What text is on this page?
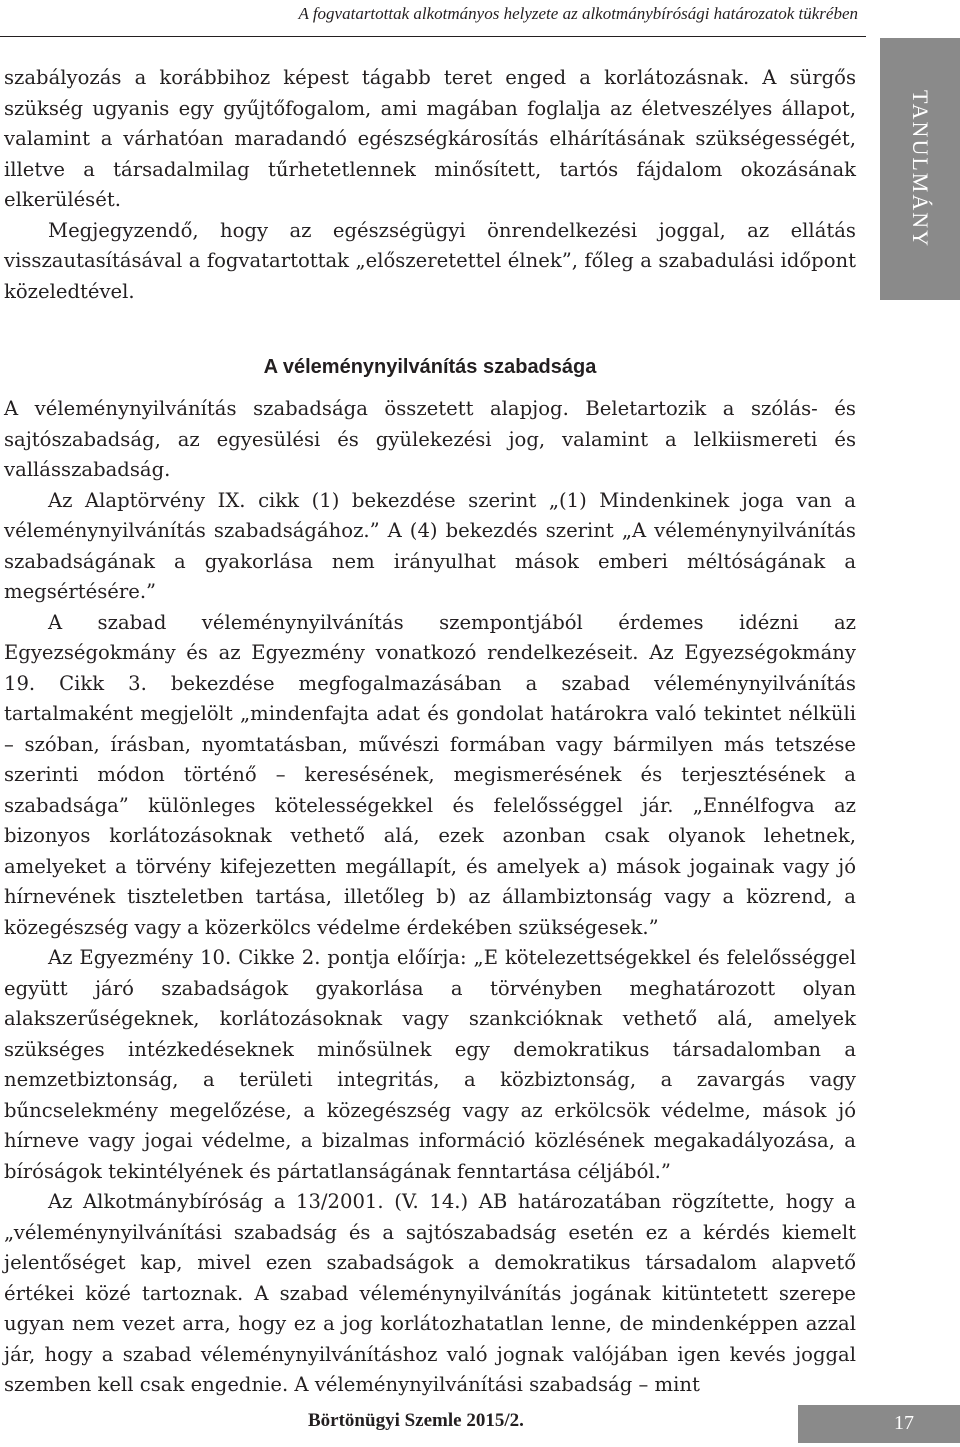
A fogvatartottak alkotmányos helyzete az alkotmánybírósági határozatok tükrében
TANULMÁNY

szabályozás a korábbihoz képest tágabb teret enged a korlátozásnak. A sürgős szükség ugyanis egy gyűjtőfogalom, ami magában foglalja az életveszélyes állapot, valamint a várhatóan maradandó egészségkárosítás elhárításának szükségességét, illetve a társadalmilag tűrhetetlennek minősített, tartós fájdalom okozásának elkerülését.

Megjegyzendő, hogy az egészségügyi önrendelkezési joggal, az ellátás visszautasításával a fogvatartottak „előszeretettel élnek”, főleg a szabadulási időpont közeledtével.

A véleménynyilvánítás szabadsága

A véleménynyilvánítás szabadsága összetett alapjog. Beletartozik a szólás- és sajtószabadság, az egyesülési és gyülekezési jog, valamint a lelkiismereti és vallásszabadság.

Az Alaptörvény IX. cikk (1) bekezdése szerint „(1) Mindenkinek joga van a véleménynyilvánítás szabadságához.” A (4) bekezdés szerint „A véleménynyilvánítás szabadságának a gyakorlása nem irányulhat mások emberi méltóságának a megsértésére.”

A szabad véleménynyilvánítás szempontjából érdemes idézni az Egyezségokmány és az Egyezmény vonatkozó rendelkezéseit. Az Egyezségokmány 19. Cikk 3. bekezdése megfogalmazásában a szabad véleménynyilvánítás tartalmaként megjelölt „mindenfajta adat és gondolat határokra való tekintet nélküli – szóban, írásban, nyomtatásban, művészi formában vagy bármilyen más tetszése szerinti módon történő – keresésének, megismerésének és terjesztésének a szabadsága” különleges kötelességekkel és felelősséggel jár. „Ennélfogva az bizonyos korlátozásoknak vethető alá, ezek azonban csak olyanok lehetnek, amelyeket a törvény kifejezetten megállapít, és amelyek a) mások jogainak vagy jó hírnevének tiszteletben tartása, illetőleg b) az állambiztonság vagy a közrend, a közegészség vagy a közerkölcs védelme érdekében szükségesek.”

Az Egyezmény 10. Cikke 2. pontja előírja: „E kötelezettségekkel és felelősséggel együtt járó szabadságok gyakorlása a törvényben meghatározott olyan alakszerűségeknek, korlátozásoknak vagy szankcióknak vethető alá, amelyek szükséges intézkedéseknek minősülnek egy demokratikus társadalomban a nemzetbiztonság, a területi integritás, a közbiztonság, a zavargás vagy bűncselekmény megelőzése, a közegészség vagy az erkölcsök védelme, mások jó hírneve vagy jogai védelme, a bizalmas információ közlésének megakadályozása, a bíróságok tekintélyének és pártatlanságának fenntartása céljából.”

Az Alkotmánybíróság a 13/2001. (V. 14.) AB határozatában rögzítette, hogy a „véleménynyilvánítási szabadság és a sajtószabadság esetén ez a kérdés kiemelt jelentőséget kap, mivel ezen szabadságok a demokratikus társadalom alapvető értékei közé tartoznak. A szabad véleménynyilvánítás jogának kitüntetett szerepe ugyan nem vezet arra, hogy ez a jog korlátozhatatlan lenne, de mindenképpen azzal jár, hogy a szabad véleménynyilvánításhoz való jognak valójában igen kevés joggal szemben kell csak engednie. A véleménynyilvánítási szabadság – mint

Börtönügyi Szemle 2015/2.	17
